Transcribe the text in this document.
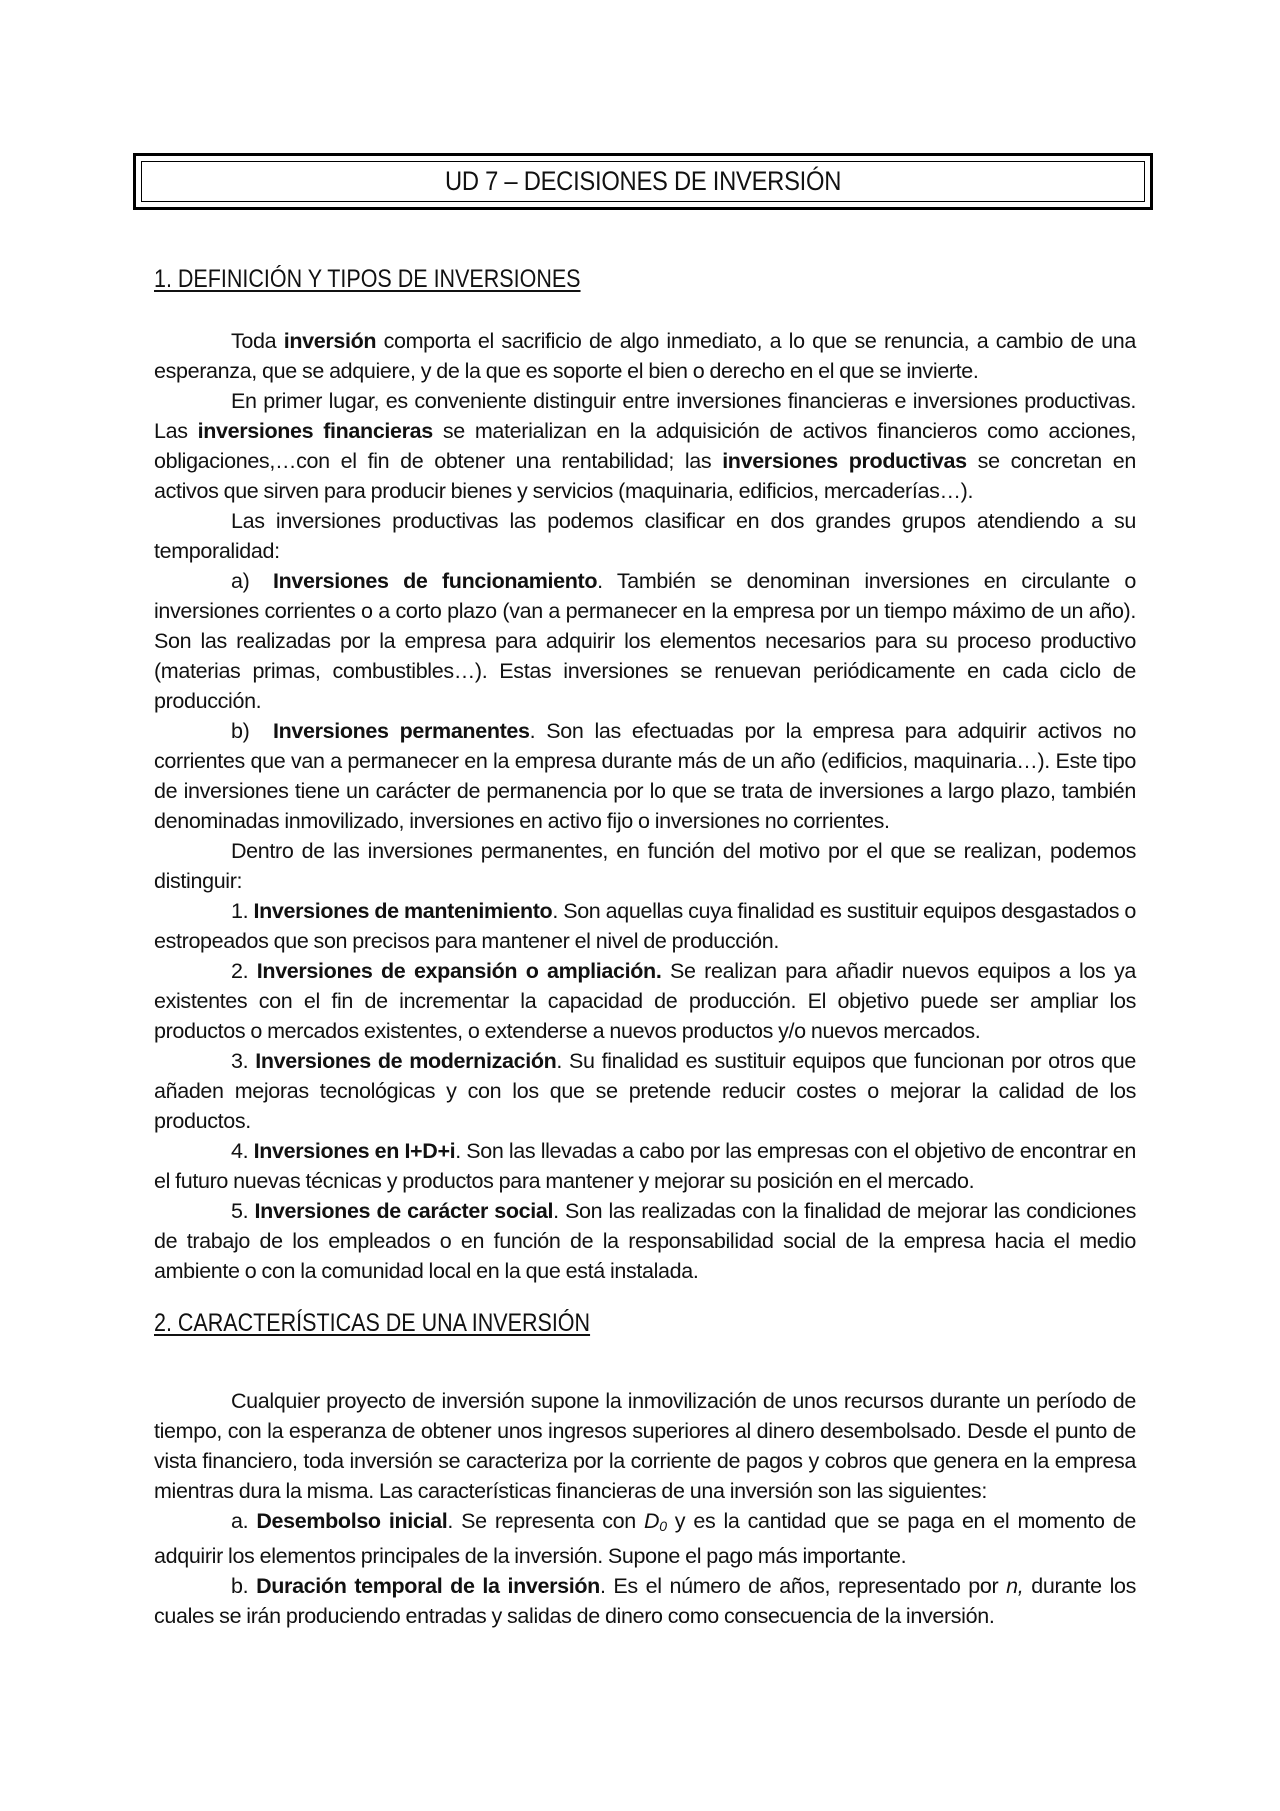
UD 7 – DECISIONES DE INVERSIÓN
1. DEFINICIÓN Y TIPOS DE INVERSIONES

Toda inversión comporta el sacrificio de algo inmediato, a lo que se renuncia, a cambio de una esperanza, que se adquiere, y de la que es soporte el bien o derecho en el que se invierte.

En primer lugar, es conveniente distinguir entre inversiones financieras e inversiones productivas. Las inversiones financieras se materializan en la adquisición de activos financieros como acciones, obligaciones,…con el fin de obtener una rentabilidad; las inversiones productivas se concretan en activos que sirven para producir bienes y servicios (maquinaria, edificios, mercaderías…).

Las inversiones productivas las podemos clasificar en dos grandes grupos atendiendo a su temporalidad:

a) Inversiones de funcionamiento. También se denominan inversiones en circulante o inversiones corrientes o a corto plazo (van a permanecer en la empresa por un tiempo máximo de un año). Son las realizadas por la empresa para adquirir los elementos necesarios para su proceso productivo (materias primas, combustibles…). Estas inversiones se renuevan periódicamente en cada ciclo de producción.

b) Inversiones permanentes. Son las efectuadas por la empresa para adquirir activos no corrientes que van a permanecer en la empresa durante más de un año (edificios, maquinaria…). Este tipo de inversiones tiene un carácter de permanencia por lo que se trata de inversiones a largo plazo, también denominadas inmovilizado, inversiones en activo fijo o inversiones no corrientes.

Dentro de las inversiones permanentes, en función del motivo por el que se realizan, podemos distinguir:

1. Inversiones de mantenimiento. Son aquellas cuya finalidad es sustituir equipos desgastados o estropeados que son precisos para mantener el nivel de producción.

2. Inversiones de expansión o ampliación. Se realizan para añadir nuevos equipos a los ya existentes con el fin de incrementar la capacidad de producción. El objetivo puede ser ampliar los productos o mercados existentes, o extenderse a nuevos productos y/o nuevos mercados.

3. Inversiones de modernización. Su finalidad es sustituir equipos que funcionan por otros que añaden mejoras tecnológicas y con los que se pretende reducir costes o mejorar la calidad de los productos.

4. Inversiones en I+D+i. Son las llevadas a cabo por las empresas con el objetivo de encontrar en el futuro nuevas técnicas y productos para mantener y mejorar su posición en el mercado.

5. Inversiones de carácter social. Son las realizadas con la finalidad de mejorar las condiciones de trabajo de los empleados o en función de la responsabilidad social de la empresa hacia el medio ambiente o con la comunidad local en la que está instalada.

2. CARACTERÍSTICAS DE UNA INVERSIÓN

Cualquier proyecto de inversión supone la inmovilización de unos recursos durante un período de tiempo, con la esperanza de obtener unos ingresos superiores al dinero desembolsado. Desde el punto de vista financiero, toda inversión se caracteriza por la corriente de pagos y cobros que genera en la empresa mientras dura la misma. Las características financieras de una inversión son las siguientes:

a. Desembolso inicial. Se representa con $D_0$ y es la cantidad que se paga en el momento de adquirir los elementos principales de la inversión. Supone el pago más importante.

b. Duración temporal de la inversión. Es el número de años, representado por n, durante los cuales se irán produciendo entradas y salidas de dinero como consecuencia de la inversión.
